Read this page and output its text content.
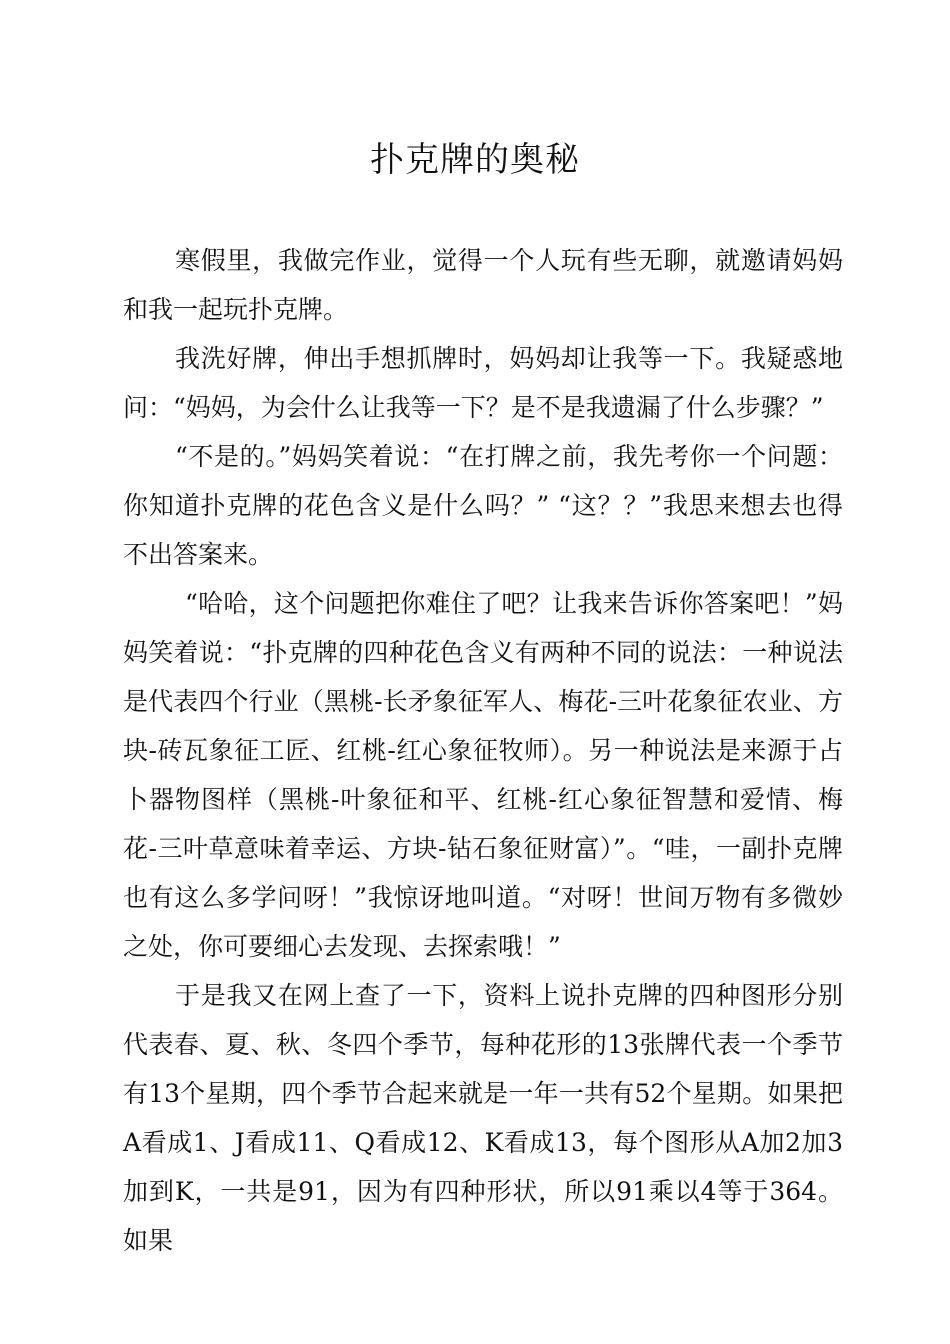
扑克牌的奥秘

寒假里，我做完作业，觉得一个人玩有些无聊，就邀请妈妈和我一起玩扑克牌。

我洗好牌，伸出手想抓牌时，妈妈却让我等一下。我疑惑地问：“妈妈，为会什么让我等一下？是不是我遗漏了什么步骤？”

“不是的。”妈妈笑着说：“在打牌之前，我先考你一个问题：你知道扑克牌的花色含义是什么吗？” “这？？”我思来想去也得不出答案来。

“哈哈，这个问题把你难住了吧？让我来告诉你答案吧！”妈妈笑着说：“扑克牌的四种花色含义有两种不同的说法：一种说法是代表四个行业（黑桃-长矛象征军人、梅花-三叶花象征农业、方块-砖瓦象征工匠、红桃-红心象征牧师）。另一种说法是来源于占卜器物图样（黑桃-叶象征和平、红桃-红心象征智慧和爱情、梅花-三叶草意味着幸运、方块-钻石象征财富）”。“哇，一副扑克牌也有这么多学问呀！”我惊讶地叫道。“对呀！世间万物有多微妙之处，你可要细心去发现、去探索哦！”

于是我又在网上查了一下，资料上说扑克牌的四种图形分别代表春、夏、秋、冬四个季节，每种花形的13张牌代表一个季节有13个星期，四个季节合起来就是一年一共有52个星期。如果把A看成1、J看成11、Q看成12、K看成13，每个图形从A加2加3加到K，一共是91，因为有四种形状，所以91乘以4等于364。如果
